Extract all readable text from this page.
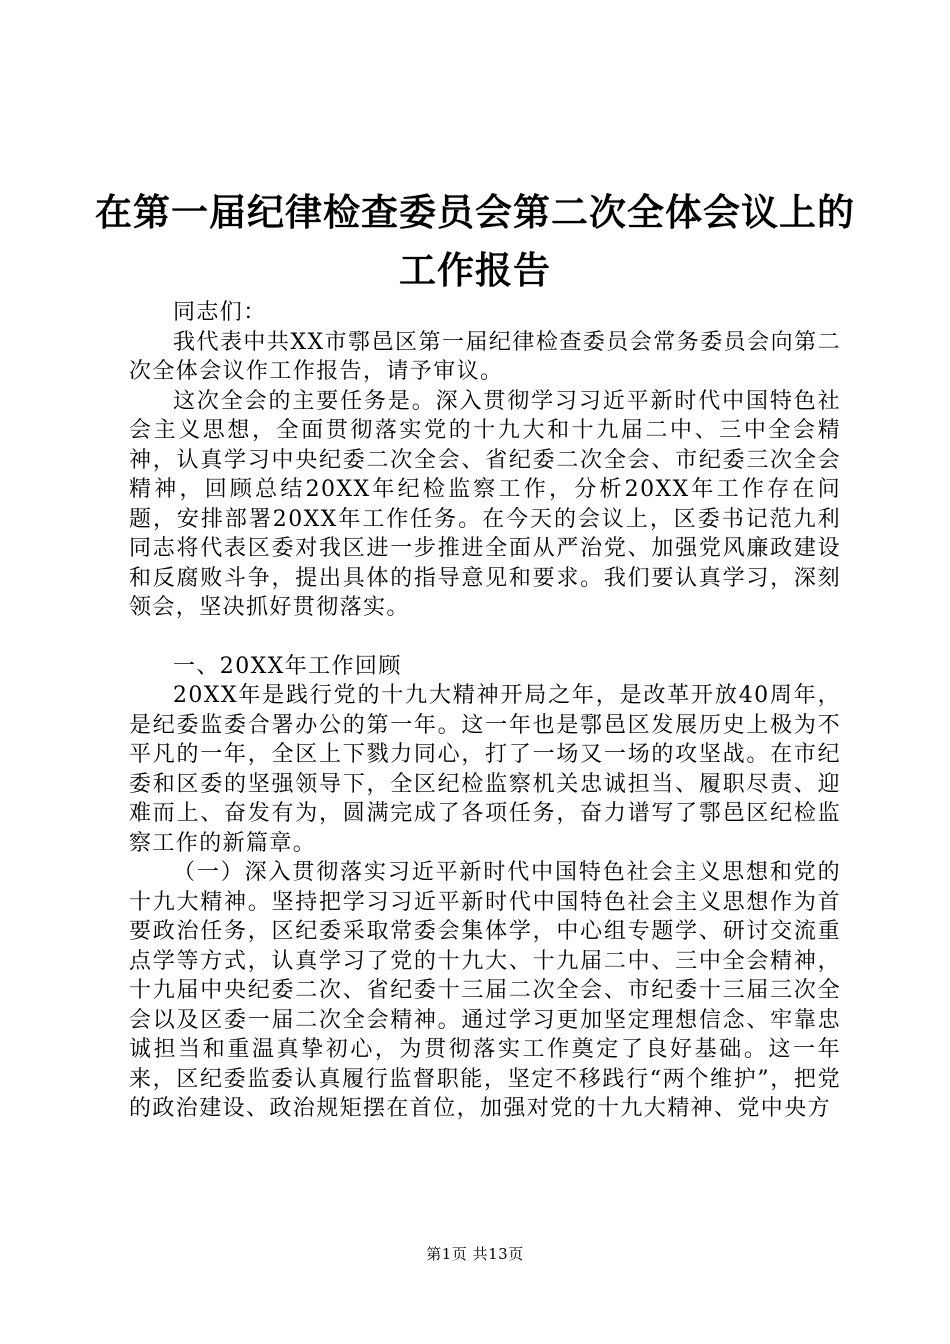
在第一届纪律检查委员会第二次全体会议上的
工作报告

同志们：

我代表中共XX市鄠邑区第一届纪律检查委员会常务委员会向第二次全体会议作工作报告，请予审议。

这次全会的主要任务是。深入贯彻学习习近平新时代中国特色社会主义思想，全面贯彻落实党的十九大和十九届二中、三中全会精神，认真学习中央纪委二次全会、省纪委二次全会、市纪委三次全会精神，回顾总结20XX年纪检监察工作，分析20XX年工作存在问题，安排部署20XX年工作任务。在今天的会议上，区委书记范九利同志将代表区委对我区进一步推进全面从严治党、加强党风廉政建设和反腐败斗争，提出具体的指导意见和要求。我们要认真学习，深刻领会，坚决抓好贯彻落实。

一、20XX年工作回顾

20XX年是践行党的十九大精神开局之年，是改革开放40周年，是纪委监委合署办公的第一年。这一年也是鄠邑区发展历史上极为不平凡的一年，全区上下戮力同心，打了一场又一场的攻坚战。在市纪委和区委的坚强领导下，全区纪检监察机关忠诚担当、履职尽责、迎难而上、奋发有为，圆满完成了各项任务，奋力谱写了鄠邑区纪检监察工作的新篇章。

（一）深入贯彻落实习近平新时代中国特色社会主义思想和党的十九大精神。坚持把学习习近平新时代中国特色社会主义思想作为首要政治任务，区纪委采取常委会集体学，中心组专题学、研讨交流重点学等方式，认真学习了党的十九大、十九届二中、三中全会精神，十九届中央纪委二次、省纪委十三届二次全会、市纪委十三届三次全会以及区委一届二次全会精神。通过学习更加坚定理想信念、牢靠忠诚担当和重温真挚初心，为贯彻落实工作奠定了良好基础。这一年来，区纪委监委认真履行监督职能，坚定不移践行“两个维护”，把党的政治建设、政治规矩摆在首位，加强对党的十九大精神、党中央方

第1页 共13页
